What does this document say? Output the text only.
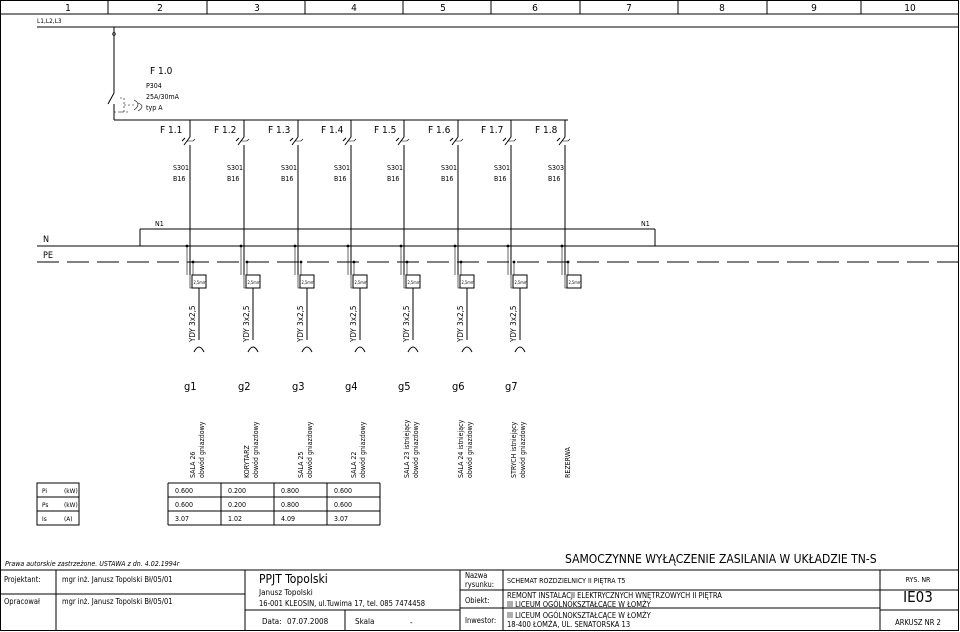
1	2	3	4	5	6	7	8	9	10
L1,L2,L3
F 1.0
P304
25A/30mA
typ A
F 1.1
S301
B16
2,5mm
F 1.2
S301
B16
2,5mm
F 1.3
S301
B16
2,5mm
F 1.4
S301
B16
2,5mm
F 1.5
S301
B16
2,5mm
F 1.6
S301
B16
2,5mm
F 1.7
S301
B16
2,5mm
F 1.8
S303
B16
2,5mm
YDY 3x2,5
g1
SALA 26 obwód gniazdowy
YDY 3x2,5
g2
KORYTARZ obwód gniazdowy
YDY 3x2,5
g3
SALA 25 obwód gniazdowy
YDY 3x2,5
g4
SALA 22 obwód gniazdowy
YDY 3x2,5
g5
SALA 23 istniejący obwód gniazdowy
YDY 3x2,5
g6
SALA 24 istniejący obwód gniazdowy
YDY 3x2,5
g7
STRYCH istniejący obwód gniazdowy	REZERWA
N
PE
N1	N1
Pi	(kW)
Ps (kW)
Is	(A)
0.600	0.200	0.800	0.600
0.600	0.200	0.800	0.600
3.07	1.02	4.09	3.07
Prawa autorskie zastrzeżone. USTAWA z dn. 4.02.1994r	SAMOCZYNNE WYŁĄCZENIE ZASILANIA W UKŁADZIE TN-S
Projektant:	mgr inż. Janusz Topolski Bł/05/01
Opracował	mgr inż. Janusz Topolski Bł/05/01
PPJT Topolski
Janusz Topolski
16-001 KLEOSIN, ul.Tuwima 17, tel. 085 7474458
Data: 07.07.2008	Skala	-
Nazwa
rysunku: SCHEMAT ROZDZIELNICY II PIĘTRA T5
Obiekt:
REMONT INSTALACJI ELEKTRYCZNYCH WNĘTRZOWYCH II PIĘTRA
III LICEUM OGÓLNOKSZTAŁCĄCE W ŁOMŻY
Inwestor:
III LICEUM OGÓLNOKSZTAŁCĄCE W ŁOMŻY
18-400 ŁOMŻA, UL. SENATORSKA 13
RYS. NR
IE03
ARKUSZ NR 2
